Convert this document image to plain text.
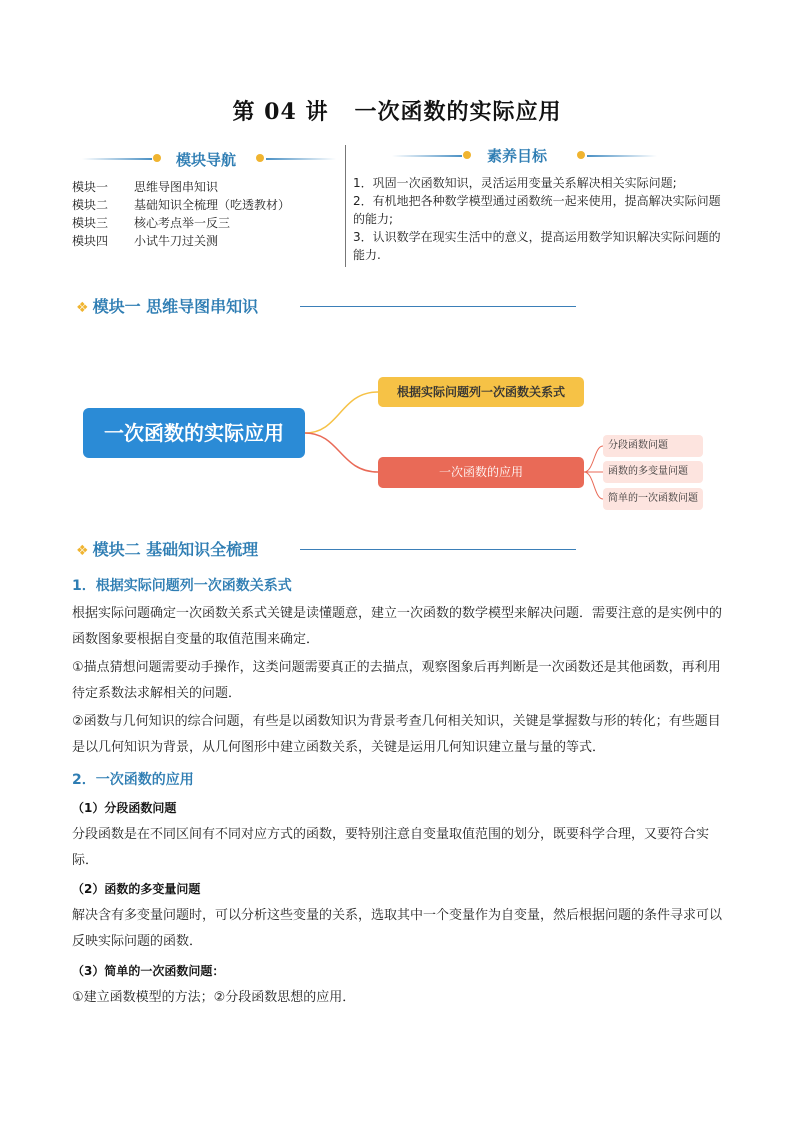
第 04 讲 一次函数的实际应用
模块导航
模块一 思维导图串知识
模块二 基础知识全梳理（吃透教材）
模块三 核心考点举一反三
模块四 小试牛刀过关测
素养目标
1．巩固一次函数知识，灵活运用变量关系解决相关实际问题;
2．有机地把各种数学模型通过函数统一起来使用，提高解决实际问题的能力;
3．认识数学在现实生活中的意义，提高运用数学知识解决实际问题的能力.
❖ 模块一 思维导图串知识
一次函数的实际应用
根据实际问题列一次函数关系式
一次函数的应用
分段函数问题
函数的多变量问题
简单的一次函数问题
❖ 模块二 基础知识全梳理
1．根据实际问题列一次函数关系式
根据实际问题确定一次函数关系式关键是读懂题意，建立一次函数的数学模型来解决问题．需要注意的是实例中的函数图象要根据自变量的取值范围来确定．
①描点猜想问题需要动手操作，这类问题需要真正的去描点，观察图象后再判断是一次函数还是其他函数，再利用待定系数法求解相关的问题．
②函数与几何知识的综合问题，有些是以函数知识为背景考查几何相关知识，关键是掌握数与形的转化；有些题目是以几何知识为背景，从几何图形中建立函数关系，关键是运用几何知识建立量与量的等式．
2．一次函数的应用
（1）分段函数问题
分段函数是在不同区间有不同对应方式的函数，要特别注意自变量取值范围的划分，既要科学合理，又要符合实际．
（2）函数的多变量问题
解决含有多变量问题时，可以分析这些变量的关系，选取其中一个变量作为自变量，然后根据问题的条件寻求可以反映实际问题的函数．
（3）简单的一次函数问题：
①建立函数模型的方法；②分段函数思想的应用．
